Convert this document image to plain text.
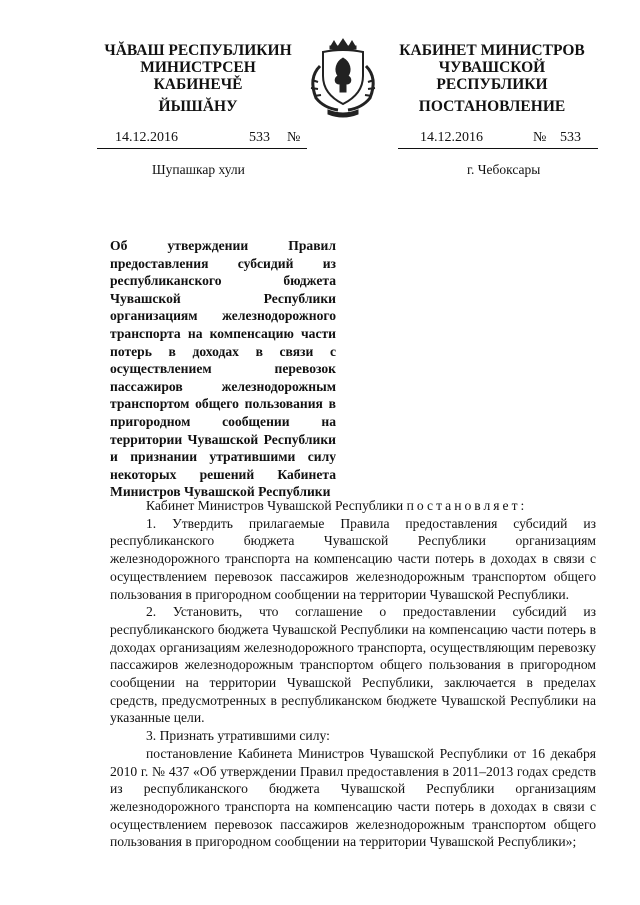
ЧĂВАШ РЕСПУБЛИКИН
МИНИСТРСЕН КАБИНЕЧĚ
ЙЫШĂНУ
КАБИНЕТ МИНИСТРОВ
ЧУВАШСКОЙ РЕСПУБЛИКИ
ПОСТАНОВЛЕНИЕ
14.12.2016	533 №	14.12.2016	№ 533
Шупашкар хули	г. Чебоксары
Об утверждении Правил предоставления субсидий из республиканского бюджета Чувашской Республики организациям железнодорожного транспорта на компенсацию части потерь в доходах в связи с осуществлением перевозок пассажиров железнодорожным транспортом общего пользования в пригородном сообщении на территории Чувашской Республики и признании утратившими силу некоторых решений Кабинета Министров Чувашской Республики

Кабинет Министров Чувашской Республики постановляет:

1. Утвердить прилагаемые Правила предоставления субсидий из республиканского бюджета Чувашской Республики организациям железнодорожного транспорта на компенсацию части потерь в доходах в связи с осуществлением перевозок пассажиров железнодорожным транспортом общего пользования в пригородном сообщении на территории Чувашской Республики.

2. Установить, что соглашение о предоставлении субсидий из республиканского бюджета Чувашской Республики на компенсацию части потерь в доходах организациям железнодорожного транспорта, осуществляющим перевозку пассажиров железнодорожным транспортом общего пользования в пригородном сообщении на территории Чувашской Республики, заключается в пределах средств, предусмотренных в республиканском бюджете Чувашской Республики на указанные цели.

3. Признать утратившими силу:

постановление Кабинета Министров Чувашской Республики от 16 декабря 2010 г. № 437 «Об утверждении Правил предоставления в 2011–2013 годах средств из республиканского бюджета Чувашской Республики организациям железнодорожного транспорта на компенсацию части потерь в доходах в связи с осуществлением перевозок пассажиров железнодорожным транспортом общего пользования в пригородном сообщении на территории Чувашской Республики»;
